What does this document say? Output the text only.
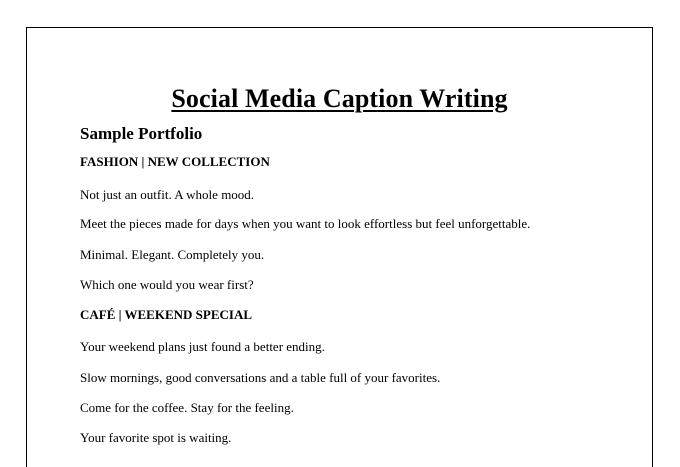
Social Media Caption Writing
Sample Portfolio
FASHION | NEW COLLECTION
Not just an outfit. A whole mood.
Meet the pieces made for days when you want to look effortless but feel unforgettable.
Minimal. Elegant. Completely you.
Which one would you wear first?
CAFÉ | WEEKEND SPECIAL
Your weekend plans just found a better ending.
Slow mornings, good conversations and a table full of your favorites.
Come for the coffee. Stay for the feeling.
Your favorite spot is waiting.
